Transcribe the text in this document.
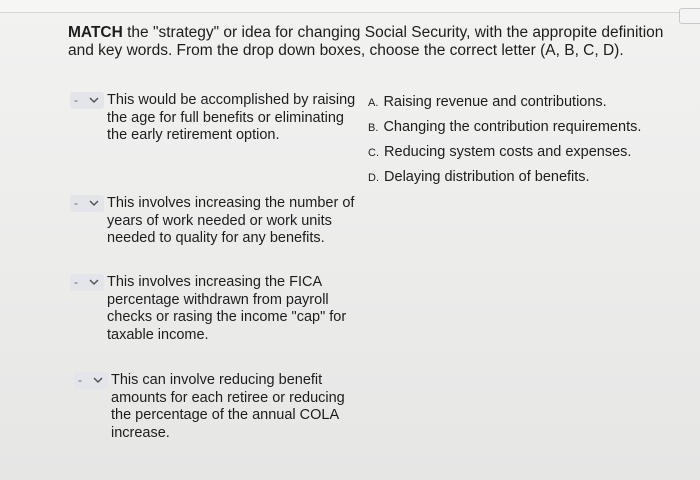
MATCH the "strategy" or idea for changing Social Security, with the appropite definition and key words. From the drop down boxes, choose the correct letter (A, B, C, D).
- This would be accomplished by raising the age for full benefits or eliminating the early retirement option.
- This involves increasing the number of years of work needed or work units needed to quality for any benefits.
- This involves increasing the FICA percentage withdrawn from payroll checks or rasing the income "cap" for taxable income.
- This can involve reducing benefit amounts for each retiree or reducing the percentage of the annual COLA increase.
A. Raising revenue and contributions.
B. Changing the contribution requirements.
C. Reducing system costs and expenses.
D. Delaying distribution of benefits.
